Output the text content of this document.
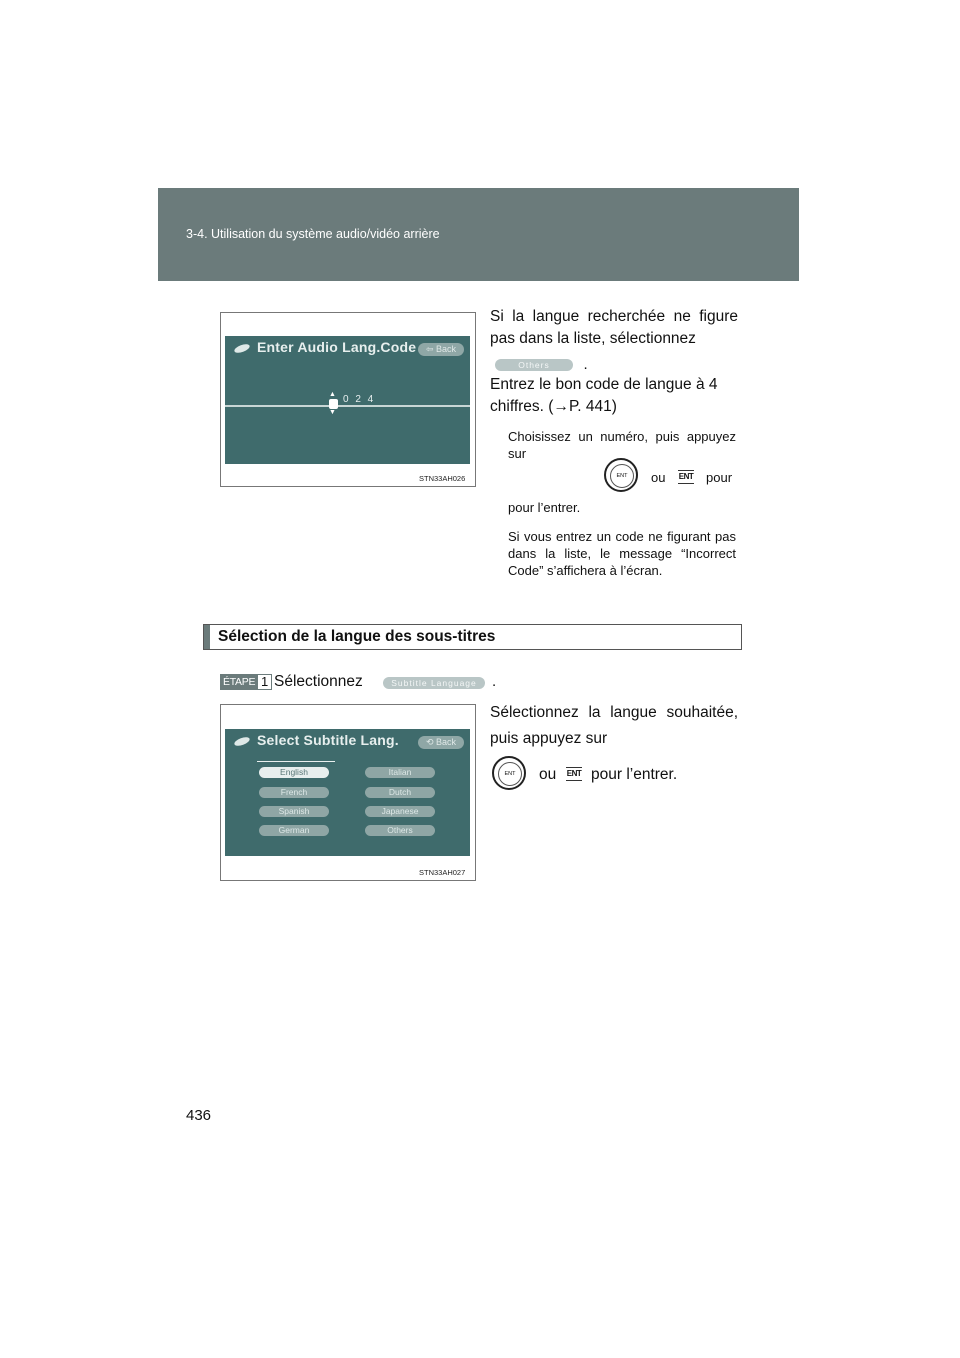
3-4. Utilisation du système audio/vidéo arrière
Enter Audio Lang.Code	⇦ Back
▲
▼
0 2 4
STN33AH026
Si la langue recherchée ne figure pas dans la liste, sélectionnez
Others .
Entrez le bon code de langue à 4 chiffres. (→P. 441)
Choisissez un numéro, puis appuyez sur
ENT	ou	ENT
pour l’entrer.
pour
Si vous entrez un code ne figurant pas dans la liste, le message “Incorrect Code” s’affichera à l’écran.
Sélection de la langue des sous-titres
ÉTAPE 1 Sélectionnez	Subtitle Language	.
Select Subtitle Lang.	⟲ Back
English
French
Spanish
German
Italian
Dutch
Japanese
Others
STN33AH027
Sélectionnez la langue souhaitée, puis appuyez sur
ENT	ou	ENT pour l’entrer.
436
